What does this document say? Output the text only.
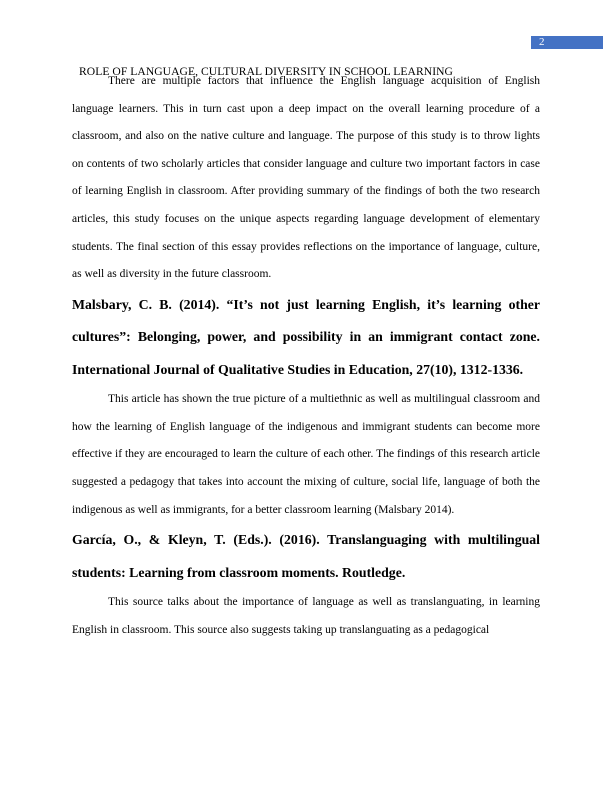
2
ROLE OF LANGUAGE, CULTURAL DIVERSITY IN SCHOOL LEARNING

There are multiple factors that influence the English language acquisition of English language learners. This in turn cast upon a deep impact on the overall learning procedure of a classroom, and also on the native culture and language. The purpose of this study is to throw lights on contents of two scholarly articles that consider language and culture two important factors in case of learning English in classroom. After providing summary of the findings of both the two research articles, this study focuses on the unique aspects regarding language development of elementary students. The final section of this essay provides reflections on the importance of language, culture, as well as diversity in the future classroom.

Malsbary, C. B. (2014). “It’s not just learning English, it’s learning other cultures”: Belonging, power, and possibility in an immigrant contact zone. International Journal of Qualitative Studies in Education, 27(10), 1312-1336.

This article has shown the true picture of a multiethnic as well as multilingual classroom and how the learning of English language of the indigenous and immigrant students can become more effective if they are encouraged to learn the culture of each other. The findings of this research article suggested a pedagogy that takes into account the mixing of culture, social life, language of both the indigenous as well as immigrants, for a better classroom learning (Malsbary 2014).

García, O., & Kleyn, T. (Eds.). (2016). Translanguaging with multilingual students: Learning from classroom moments. Routledge.

This source talks about the importance of language as well as translanguating, in learning English in classroom. This source also suggests taking up translanguating as a pedagogical
